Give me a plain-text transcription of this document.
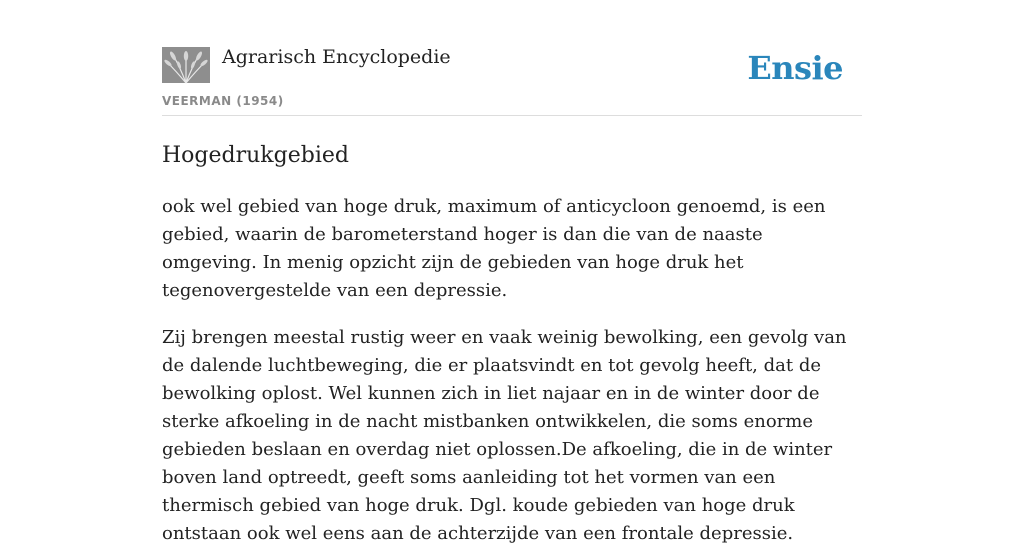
Agrarisch Encyclopedie
VEERMAN (1954)
Ensie
Hogedrukgebied

ook wel gebied van hoge druk, maximum of anticycloon genoemd, is een gebied, waarin de barometerstand hoger is dan die van de naaste omgeving. In menig opzicht zijn de gebieden van hoge druk het tegenovergestelde van een depressie.

Zij brengen meestal rustig weer en vaak weinig bewolking, een gevolg van de dalende luchtbeweging, die er plaatsvindt en tot gevolg heeft, dat de bewolking oplost. Wel kunnen zich in liet najaar en in de winter door de sterke afkoeling in de nacht mistbanken ontwikkelen, die soms enorme gebieden beslaan en overdag niet oplossen.De afkoeling, die in de winter boven land optreedt, geeft soms aanleiding tot het vormen van een thermisch gebied van hoge druk. Dgl. koude gebieden van hoge druk ontstaan ook wel eens aan de achterzijde van een frontale depressie.
